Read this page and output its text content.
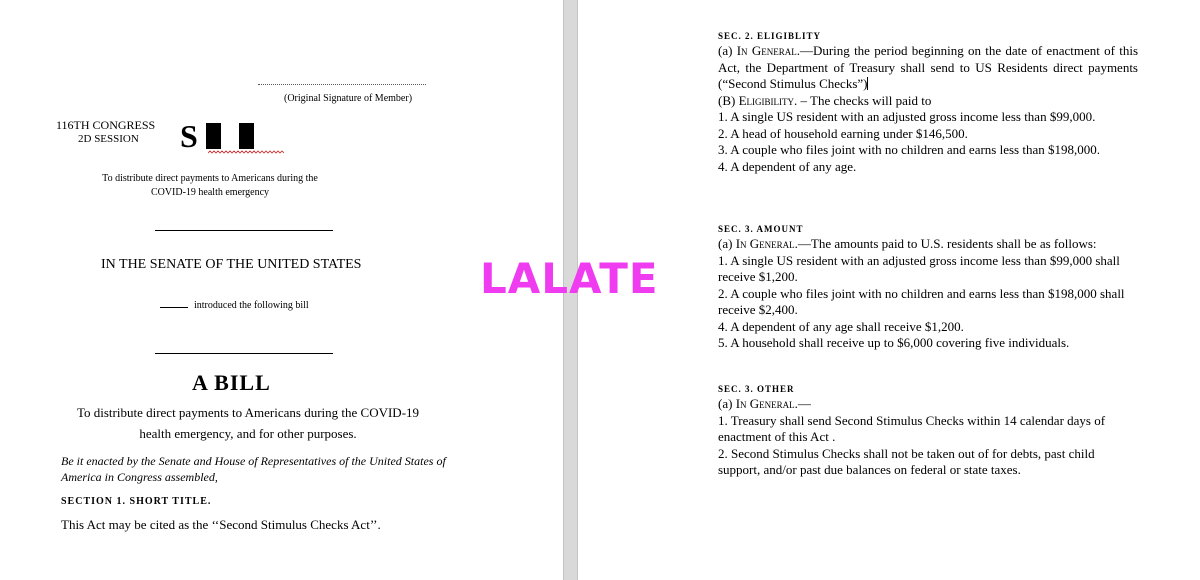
(Original Signature of Member)
116TH CONGRESS
2D SESSION S
To distribute direct payments to Americans during the COVID-19 health emergency
IN THE SENATE OF THE UNITED STATES
introduced the following bill
A BILL
To distribute direct payments to Americans during the COVID-19 health emergency, and for other purposes.
Be it enacted by the Senate and House of Representatives of the United States of America in Congress assembled,
SECTION 1. SHORT TITLE.
This Act may be cited as the ‘‘Second Stimulus Checks Act’’.

SEC. 2. ELIGIBLITY

(a) In General.—During the period beginning on the date of enactment of this Act, the Department of Treasury shall send to US Residents direct payments (“Second Stimulus Checks”)

(B) Eligibility. – The checks will paid to

1. A single US resident with an adjusted gross income less than $99,000.

2. A head of household earning under $146,500.

3. A couple who files joint with no children and earns less than $198,000.

4. A dependent of any age.

SEC. 3. AMOUNT

(a) In General.—The amounts paid to U.S. residents shall be as follows:

1. A single US resident with an adjusted gross income less than $99,000 shall receive $1,200.

2. A couple who files joint with no children and earns less than $198,000 shall receive $2,400.

4. A dependent of any age shall receive $1,200.

5. A household shall receive up to $6,000 covering five individuals.

SEC. 3. OTHER

(a) In General.—

1. Treasury shall send Second Stimulus Checks within 14 calendar days of enactment of this Act .

2. Second Stimulus Checks shall not be taken out of for debts, past child support, and/or past due balances on federal or state taxes.

LALATE
